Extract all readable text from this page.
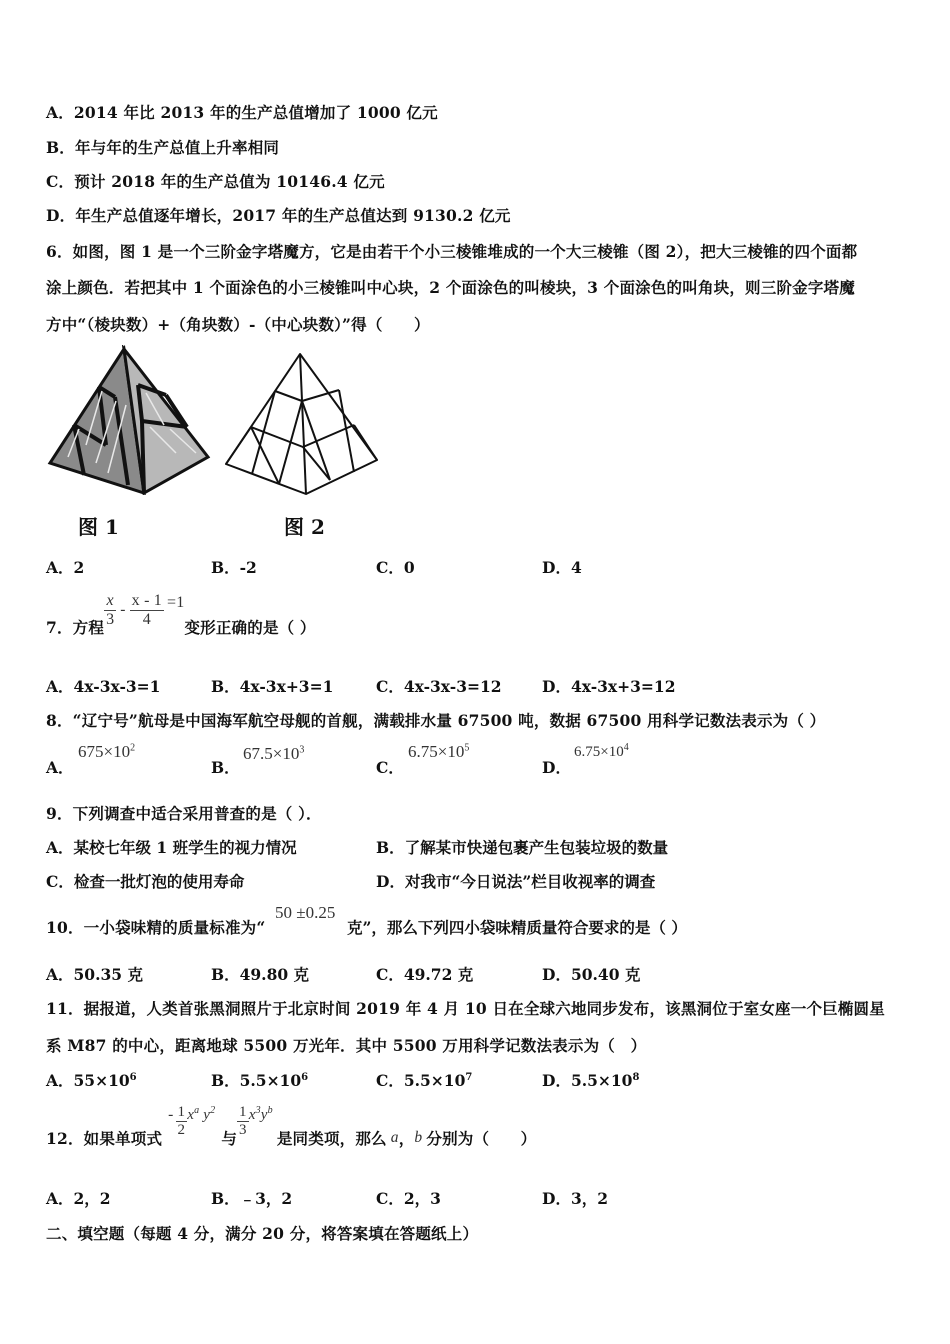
A．2014 年比 2013 年的生产总值增加了 1000 亿元
B．年与年的生产总值上升率相同
C．预计 2018 年的生产总值为 10146.4 亿元
D．年生产总值逐年增长，2017 年的生产总值达到 9130.2 亿元
6．如图，图 1 是一个三阶金字塔魔方，它是由若干个小三棱锥堆成的一个大三棱锥（图 2），把大三棱锥的四个面都
涂上颜色．若把其中 1 个面涂色的小三棱锥叫中心块，2 个面涂色的叫棱块，3 个面涂色的叫角块，则三阶金字塔魔
方中“（棱块数）+（角块数）-（中心块数）”得（　　）
图 1	图 2
A．2	B．-2	C．0	D．4
7．方程 $\frac{x}{3} - \frac{x - 1}{4} =1$
变形正确的是（ ）
A．4x-3x-3=1	B．4x-3x+3=1	C．4x-3x-3=12	D．4x-3x+3=12
8．“辽宁号”航母是中国海军航空母舰的首舰，满载排水量 67500 吨，数据 67500 用科学记数法表示为（ ）
A．
$675\times 10^2$
B．
$67.5\times 10^3$
C．
$6.75\times 10^5$
D．
$6.75\times 10^4$
9．下列调查中适合采用普查的是（ ）．
A．某校七年级 1 班学生的视力情况	B．了解某市快递包裹产生包装垃圾的数量
C．检查一批灯泡的使用寿命	D．对我市“今日说法”栏目收视率的调查
10．一小袋味精的质量标准为“
50 ±0.25
克”，那么下列四小袋味精质量符合要求的是（ ）
A．50.35 克	B．49.80 克	C．49.72 克	D．50.40 克
11．据报道，人类首张黑洞照片于北京时间 2019 年 4 月 10 日在全球六地同步发布，该黑洞位于室女座一个巨椭圆星
系 M87 的中心，距离地球 5500 万光年．其中 5500 万用科学记数法表示为（　）
A．$55\times 10^6$	B．$5.5\times 10^6$	C．$5.5\times 10^7$	D．$5.5\times 10^8$
12．如果单项式
- $\frac{1}{2} x^a$ $y^2$
与
$\frac{1}{3} x^3y^b$
是同类项，那么 a ， b 分别为（　　）
A．2，2	B．﹣3，2	C．2，3	D．3，2
二、填空题（每题 4 分，满分 20 分，将答案填在答题纸上）
